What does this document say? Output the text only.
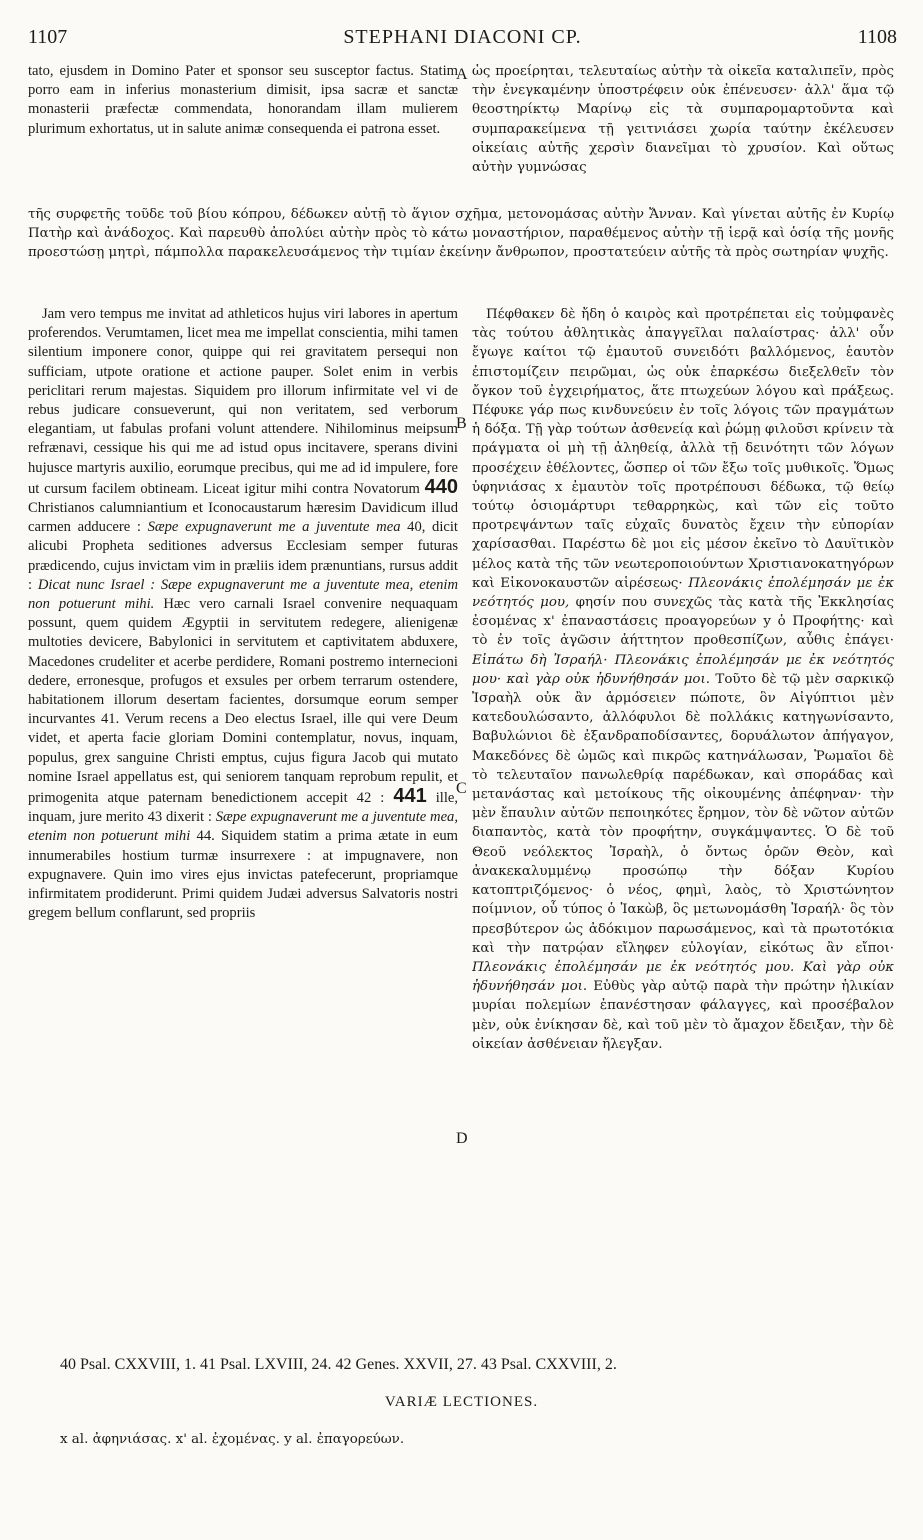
1107	STEPHANI DIACONI CP.	1108
A
B
C
D

tato, ejusdem in Domino Pater et sponsor seu susceptor factus. Statim porro eam in inferius monasterium dimisit, ipsa sacræ et sanctæ monasterii præfectæ commendata, honorandam illam mulierem plurimum exhortatus, ut in salute animæ consequenda ei patrona esset.

ὡς προείρηται, τελευταίως αὐτὴν τὰ οἰκεῖα καταλιπεῖν, πρὸς τὴν ἐνεγκαμένην ὑποστρέφειν οὐκ ἐπένευσεν· ἀλλ' ἅμα τῷ θεοστηρίκτῳ Μαρίνῳ εἰς τὰ συμπαρομαρτοῦντα καὶ συμπαρακείμενα τῇ γειτνιάσει χωρία ταύτην ἐκέλευσεν οἰκείαις αὐτῆς χερσὶν διανεῖμαι τὸ χρυσίον. Καὶ οὕτως αὐτὴν γυμνώσας

τῆς συρφετῆς τοῦδε τοῦ βίου κόπρου, δέδωκεν αὐτῇ τὸ ἅγιον σχῆμα, μετονομάσας αὐτὴν Ἄνναν. Καὶ γίνεται αὐτῆς ἐν Κυρίῳ Πατὴρ καὶ ἀνάδοχος. Καὶ παρευθὺ ἀπολύει αὐτὴν πρὸς τὸ κάτω μοναστήριον, παραθέμενος αὐτὴν τῇ ἱερᾷ καὶ ὁσίᾳ τῆς μονῆς προεστώσῃ μητρὶ, πάμπολλα παρακελευσάμενος τὴν τιμίαν ἐκείνην ἄνθρωπον, προστατεύειν αὐτῆς τὰ πρὸς σωτηρίαν ψυχῆς.

Jam vero tempus me invitat ad athleticos hujus viri labores in apertum proferendos. Verumtamen, licet mea me impellat conscientia, mihi tamen silentium imponere conor, quippe qui rei gravitatem persequi non sufficiam, utpote oratione et actione pauper. Solet enim in verbis periclitari rerum majestas. Siquidem pro illorum infirmitate vel vi de rebus judicare consueverunt, qui non veritatem, sed verborum elegantiam, ut fabulas profani volunt attendere. Nihilominus meipsum refrænavi, cessique his qui me ad istud opus incitavere, sperans divini hujusce martyris auxilio, eorumque precibus, qui me ad id impulere, fore ut cursum facilem obtineam. Liceat igitur mihi contra Novatorum 440 Christianos calumniantium et Iconocaustarum hæresim Davidicum illud carmen adducere : Sæpe expugnaverunt me a juventute mea 40, dicit alicubi Propheta seditiones adversus Ecclesiam semper futuras prædicendo, cujus invictam vim in præliis idem prænuntians, rursus addit : Dicat nunc Israel : Sæpe expugnaverunt me a juventute mea, etenim non potuerunt mihi. Hæc vero carnali Israel convenire nequaquam possunt, quem quidem Ægyptii in servitutem redegere, alienigenæ multoties devicere, Babylonici in servitutem et captivitatem abduxere, Macedones crudeliter et acerbe perdidere, Romani postremo internecioni dedere, erronesque, profugos et exsules per orbem terrarum ostendere, habitationem illorum desertam facientes, dorsumque eorum semper incurvantes 41. Verum recens a Deo electus Israel, ille qui vere Deum videt, et aperta facie gloriam Domini contemplatur, novus, inquam, populus, grex sanguine Christi emptus, cujus figura Jacob qui mutato nomine Israel appellatus est, qui seniorem tanquam reprobum repulit, et primogenita atque paternam benedictionem accepit 42 : 441 ille, inquam, jure merito 43 dixerit : Sæpe expugnaverunt me a juventute mea, etenim non potuerunt mihi 44. Siquidem statim a prima ætate in eum innumerabiles hostium turmæ insurrexere : at impugnavere, non expugnavere. Quin imo vires ejus invictas patefecerunt, propriamque infirmitatem prodiderunt. Primi quidem Judæi adversus Salvatoris nostri gregem bellum conflarunt, sed propriis

Πέφθακεν δὲ ἤδη ὁ καιρὸς καὶ προτρέπεται εἰς τοὐμφανὲς τὰς τούτου ἀθλητικὰς ἀπαγγεῖλαι παλαίστρας· ἀλλ' οὖν ἔγωγε καίτοι τῷ ἐμαυτοῦ συνειδότι βαλλόμενος, ἑαυτὸν ἐπιστομίζειν πειρῶμαι, ὡς οὐκ ἐπαρκέσω διεξελθεῖν τὸν ὄγκον τοῦ ἐγχειρήματος, ἅτε πτωχεύων λόγου καὶ πράξεως. Πέφυκε γάρ πως κινδυνεύειν ἐν τοῖς λόγοις τῶν πραγμάτων ἡ δόξα. Τῇ γὰρ τούτων ἀσθενείᾳ καὶ ῥώμῃ φιλοῦσι κρίνειν τὰ πράγματα οἱ μὴ τῇ ἀληθείᾳ, ἀλλὰ τῇ δεινότητι τῶν λόγων προσέχειν ἐθέλοντες, ὥσπερ οἱ τῶν ἔξω τοῖς μυθικοῖς. Ὅμως ὑφηνιάσας x ἐμαυτὸν τοῖς προτρέπουσι δέδωκα, τῷ θείῳ τούτῳ ὁσιομάρτυρι τεθαρρηκὼς, καὶ τῶν εἰς τοῦτο προτρεψάντων ταῖς εὐχαῖς δυνατὸς ἔχειν τὴν εὐπορίαν χαρίσασθαι. Παρέστω δὲ μοι εἰς μέσον ἐκεῖνο τὸ Δαυϊτικὸν μέλος κατὰ τῆς τῶν νεωτεροποιούντων Χριστιανοκατηγόρων καὶ Εἰκονοκαυστῶν αἱρέσεως· Πλεονάκις ἐπολέμησάν με ἐκ νεότητός μου, φησίν που συνεχῶς τὰς κατὰ τῆς Ἐκκλησίας ἐσομένας x' ἐπαναστάσεις προαγορεύων y ὁ Προφήτης· καὶ τὸ ἐν τοῖς ἀγῶσιν ἀήττητον προθεσπίζων, αὖθις ἐπάγει· Εἰπάτω δὴ Ἰσραήλ· Πλεονάκις ἐπολέμησάν με ἐκ νεότητός μου· καὶ γὰρ οὐκ ἠδυνήθησάν μοι. Τοῦτο δὲ τῷ μὲν σαρκικῷ Ἰσραὴλ οὐκ ἂν ἁρμόσειεν πώποτε, ὃν Αἰγύπτιοι μὲν κατεδουλώσαντο, ἀλλόφυλοι δὲ πολλάκις κατηγωνίσαντο, Βαβυλώνιοι δὲ ἐξανδραποδίσαντες, δορυάλωτον ἀπήγαγον, Μακεδόνες δὲ ὠμῶς καὶ πικρῶς κατηνάλωσαν, Ῥωμαῖοι δὲ τὸ τελευταῖον πανωλεθρίᾳ παρέδωκαν, καὶ σποράδας καὶ μετανάστας καὶ μετοίκους τῆς οἰκουμένης ἀπέφηναν· τὴν μὲν ἔπαυλιν αὐτῶν πεποιηκότες ἔρημον, τὸν δὲ νῶτον αὐτῶν διαπαντὸς, κατὰ τὸν προφήτην, συγκάμψαντες. Ὁ δὲ τοῦ Θεοῦ νεόλεκτος Ἰσραὴλ, ὁ ὄντως ὁρῶν Θεὸν, καὶ ἀνακεκαλυμμένῳ προσώπῳ τὴν δόξαν Κυρίου κατοπτριζόμενος· ὁ νέος, φημὶ, λαὸς, τὸ Χριστώνητον ποίμνιον, οὗ τύπος ὁ Ἰακὼβ, ὃς μετωνομάσθη Ἰσραήλ· ὃς τὸν πρεσβύτερον ὡς ἀδόκιμον παρωσάμενος, καὶ τὰ πρωτοτόκια καὶ τὴν πατρῴαν εἴληφεν εὐλογίαν, εἰκότως ἂν εἴποι· Πλεονάκις ἐπολέμησάν με ἐκ νεότητός μου. Καὶ γὰρ οὐκ ἠδυνήθησάν μοι. Εὐθὺς γὰρ αὐτῷ παρὰ τὴν πρώτην ἡλικίαν μυρίαι πολεμίων ἐπανέστησαν φάλαγγες, καὶ προσέβαλον μὲν, οὐκ ἐνίκησαν δὲ, καὶ τοῦ μὲν τὸ ἄμαχον ἔδειξαν, τὴν δὲ οἰκείαν ἀσθένειαν ἤλεγξαν.

40 Psal. CXXVIII, 1. 41 Psal. LXVIII, 24. 42 Genes. XXVII, 27. 43 Psal. CXXVIII, 2.
VARIÆ LECTIONES.
x al. ἀφηνιάσας. x' al. ἐχομένας. y al. ἐπαγορεύων.
